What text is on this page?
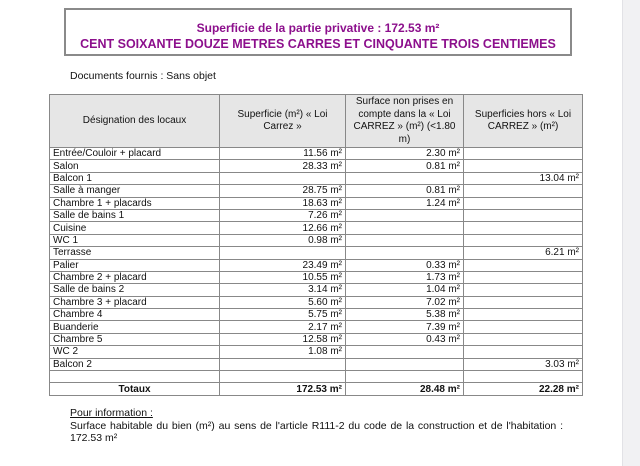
Superficie de la partie privative : 172.53 m²
CENT SOIXANTE DOUZE METRES CARRES ET CINQUANTE TROIS CENTIEMES
Documents fournis : Sans objet
Désignation des locaux	Superficie (m²) « Loi Carrez »	Surface non prises en compte dans la « Loi CARREZ » (m²) (<1.80 m)	Superficies hors « Loi CARREZ » (m²)
Entrée/Couloir + placard	11.56 m²	2.30 m²	
Salon	28.33 m²	0.81 m²	
Balcon 1			13.04 m²
Salle à manger	28.75 m²	0.81 m²	
Chambre 1 + placards	18.63 m²	1.24 m²	
Salle de bains 1	7.26 m²		
Cuisine	12.66 m²		
WC 1	0.98 m²		
Terrasse			6.21 m²
Palier	23.49 m²	0.33 m²	
Chambre 2 + placard	10.55 m²	1.73 m²	
Salle de bains 2	3.14 m²	1.04 m²	
Chambre 3 + placard	5.60 m²	7.02 m²	
Chambre 4	5.75 m²	5.38 m²	
Buanderie	2.17 m²	7.39 m²	
Chambre 5	12.58 m²	0.43 m²	
WC 2	1.08 m²		
Balcon 2			3.03 m²

Totaux	172.53 m²	28.48 m²	22.28 m²
Pour information :
Surface habitable du bien (m²) au sens de l'article R111-2 du code de la construction et de l'habitation : 172.53 m²
